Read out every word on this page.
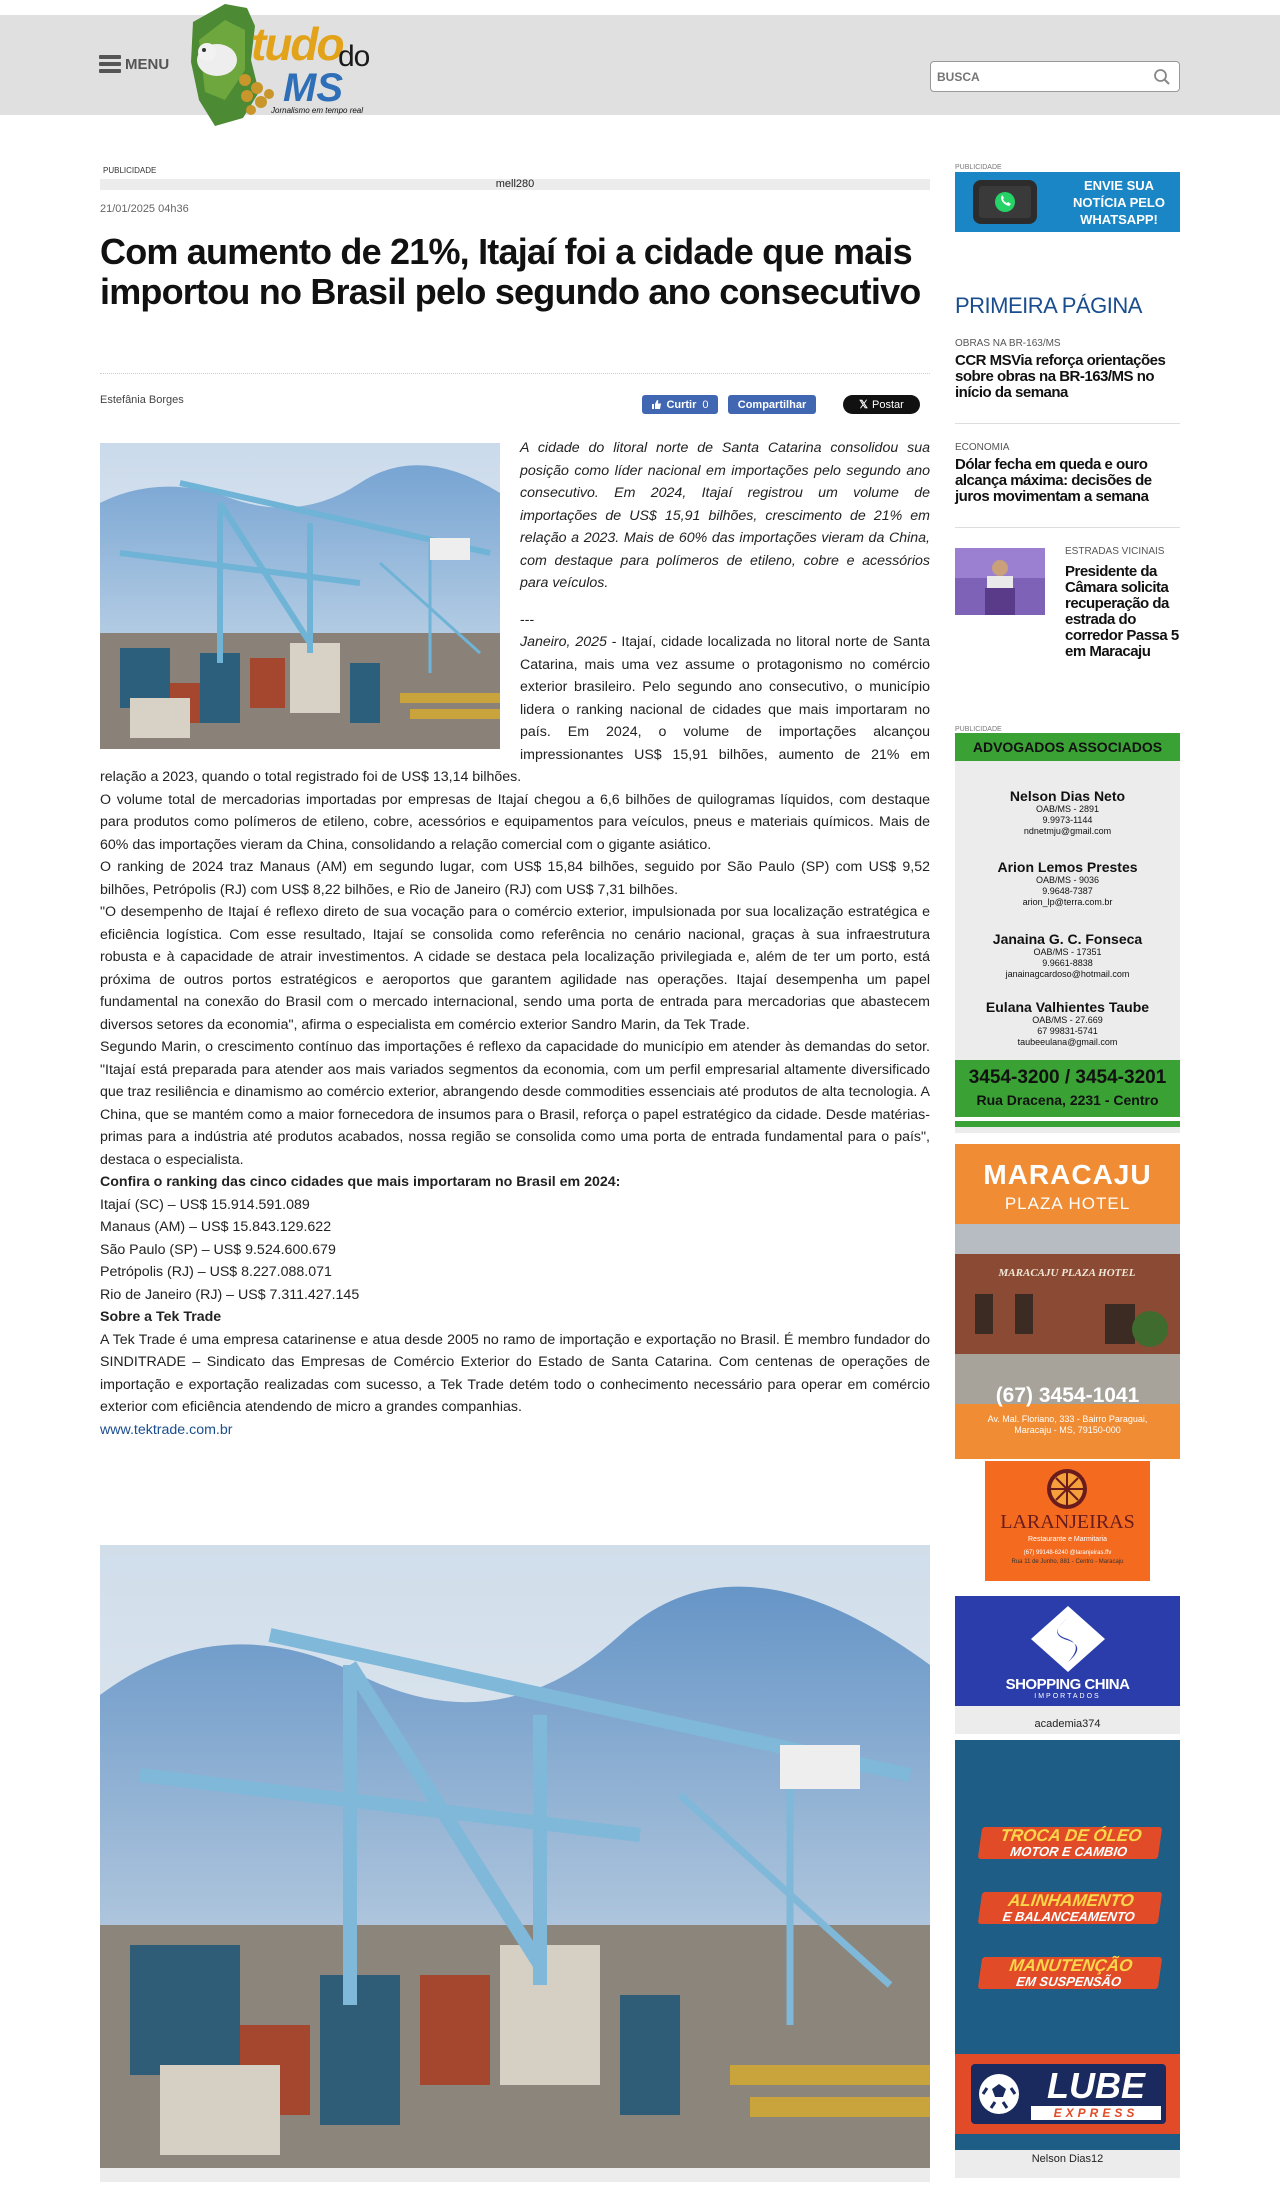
MENU
BUSCA tudo
do
MS
Jornalismo em tempo real
PUBLICIDADE
mell280
21/01/2025 04h36
Com aumento de 21%, Itajaí foi a cidade que mais importou no Brasil pelo segundo ano consecutivo
Estefânia Borges	Curtir 0	Compartilhar	𝕏 Postar

A cidade do litoral norte de Santa Catarina consolidou sua posição como líder nacional em importações pelo segundo ano consecutivo. Em 2024, Itajaí registrou um volume de importações de US$ 15,91 bilhões, crescimento de 21% em relação a 2023. Mais de 60% das importações vieram da China, com destaque para polímeros de etileno, cobre e acessórios para veículos.

---

Janeiro, 2025 - Itajaí, cidade localizada no litoral norte de Santa Catarina, mais uma vez assume o protagonismo no comércio exterior brasileiro. Pelo segundo ano consecutivo, o município lidera o ranking nacional de cidades que mais importaram no país. Em 2024, o volume de importações alcançou impressionantes US$ 15,91 bilhões, aumento de 21% em relação a 2023, quando o total registrado foi de US$ 13,14 bilhões.

O volume total de mercadorias importadas por empresas de Itajaí chegou a 6,6 bilhões de quilogramas líquidos, com destaque para produtos como polímeros de etileno, cobre, acessórios e equipamentos para veículos, pneus e materiais químicos. Mais de 60% das importações vieram da China, consolidando a relação comercial com o gigante asiático.

O ranking de 2024 traz Manaus (AM) em segundo lugar, com US$ 15,84 bilhões, seguido por São Paulo (SP) com US$ 9,52 bilhões, Petrópolis (RJ) com US$ 8,22 bilhões, e Rio de Janeiro (RJ) com US$ 7,31 bilhões.

"O desempenho de Itajaí é reflexo direto de sua vocação para o comércio exterior, impulsionada por sua localização estratégica e eficiência logística. Com esse resultado, Itajaí se consolida como referência no cenário nacional, graças à sua infraestrutura robusta e à capacidade de atrair investimentos. A cidade se destaca pela localização privilegiada e, além de ter um porto, está próxima de outros portos estratégicos e aeroportos que garantem agilidade nas operações. Itajaí desempenha um papel fundamental na conexão do Brasil com o mercado internacional, sendo uma porta de entrada para mercadorias que abastecem diversos setores da economia", afirma o especialista em comércio exterior Sandro Marin, da Tek Trade.

Segundo Marin, o crescimento contínuo das importações é reflexo da capacidade do município em atender às demandas do setor. "Itajaí está preparada para atender aos mais variados segmentos da economia, com um perfil empresarial altamente diversificado que traz resiliência e dinamismo ao comércio exterior, abrangendo desde commodities essenciais até produtos de alta tecnologia. A China, que se mantém como a maior fornecedora de insumos para o Brasil, reforça o papel estratégico da cidade. Desde matérias-primas para a indústria até produtos acabados, nossa região se consolida como uma porta de entrada fundamental para o país", destaca o especialista.

Confira o ranking das cinco cidades que mais importaram no Brasil em 2024:

Itajaí (SC) – US$ 15.914.591.089

Manaus (AM) – US$ 15.843.129.622

São Paulo (SP) – US$ 9.524.600.679

Petrópolis (RJ) – US$ 8.227.088.071

Rio de Janeiro (RJ) – US$ 7.311.427.145

Sobre a Tek Trade

A Tek Trade é uma empresa catarinense e atua desde 2005 no ramo de importação e exportação no Brasil. É membro fundador do SINDITRADE – Sindicato das Empresas de Comércio Exterior do Estado de Santa Catarina. Com centenas de operações de importação e exportação realizadas com sucesso, a Tek Trade detém todo o conhecimento necessário para operar em comércio exterior com eficiência atendendo de micro a grandes companhias.

www.tektrade.com.br

PUBLICIDADE
ENVIE SUA NOTÍCIA PELO WHATSAPP!
PRIMEIRA PÁGINA
OBRAS NA BR-163/MS
CCR MSVia reforça orientações sobre obras na BR-163/MS no início da semana
ECONOMIA
Dólar fecha em queda e ouro alcança máxima: decisões de juros movimentam a semana
ESTRADAS VICINAIS
Presidente da Câmara solicita recuperação da estrada do corredor Passa 5 em Maracaju
PUBLICIDADE
ADVOGADOS ASSOCIADOS
Nelson Dias Neto
OAB/MS - 2891
9.9973-1144
ndnetmju@gmail.com
Arion Lemos Prestes
OAB/MS - 9036
9.9648-7387
arion_lp@terra.com.br
Janaina G. C. Fonseca
OAB/MS - 17351
9.9661-8838
janainagcardoso@hotmail.com
Eulana Valhientes Taube
OAB/MS - 27.669
67 99831-5741
taubeeulana@gmail.com
3454-3200 / 3454-3201
Rua Dracena, 2231 - Centro
MARACAJU
PLAZA HOTEL
MARACAJU PLAZA HOTEL
(67) 3454-1041
Av. Mal. Floriano, 333 - Bairro Paraguai, Maracaju - MS, 79150-000
LARANJEIRAS
Restaurante e Marmitaria
(67) 99148-6240 @laranjeiras.ffv
Rua 11 de Junho, 881 - Centro - Maracaju
SHOPPING CHINA
IMPORTADOS
academia374
TROCA DE ÓLEO
MOTOR E CAMBIO
ALINHAMENTO
E BALANCEAMENTO
MANUTENÇÃO
EM SUSPENSÃO
LUBE
EXPRESS
Nelson Dias12
